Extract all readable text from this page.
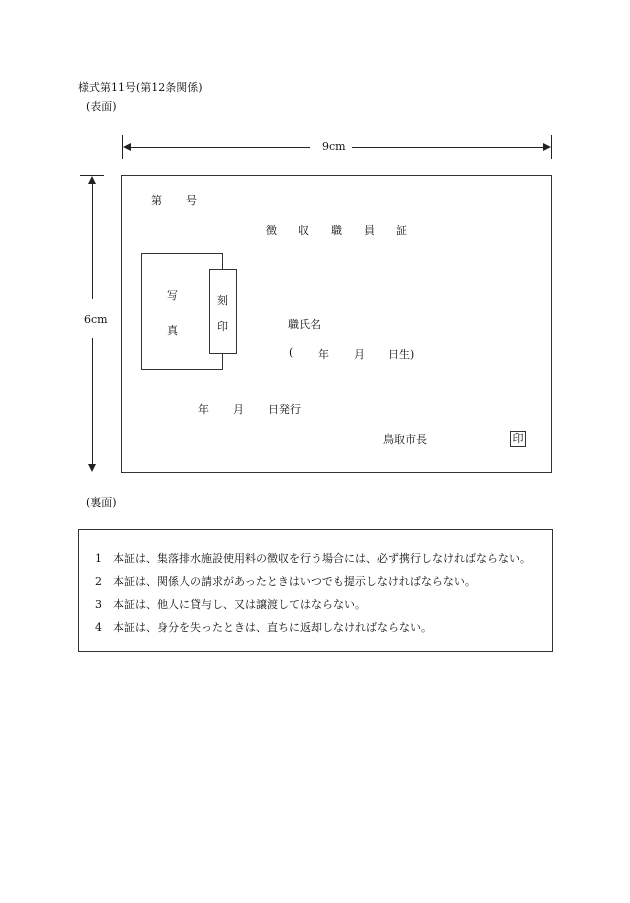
様式第11号(第12条関係)
(表面)
9cm
6cm
第 号
徴 収 職 員 証
写
真
刻
印	職氏名
( 年 月 日生)
年 月 日発行
鳥取市長	印
(裏面)
1 本証は、集落排水施設使用料の徴収を行う場合には、必ず携行しなければならない。
2 本証は、関係人の請求があったときはいつでも提示しなければならない。
3 本証は、他人に貸与し、又は譲渡してはならない。
4 本証は、身分を失ったときは、直ちに返却しなければならない。
